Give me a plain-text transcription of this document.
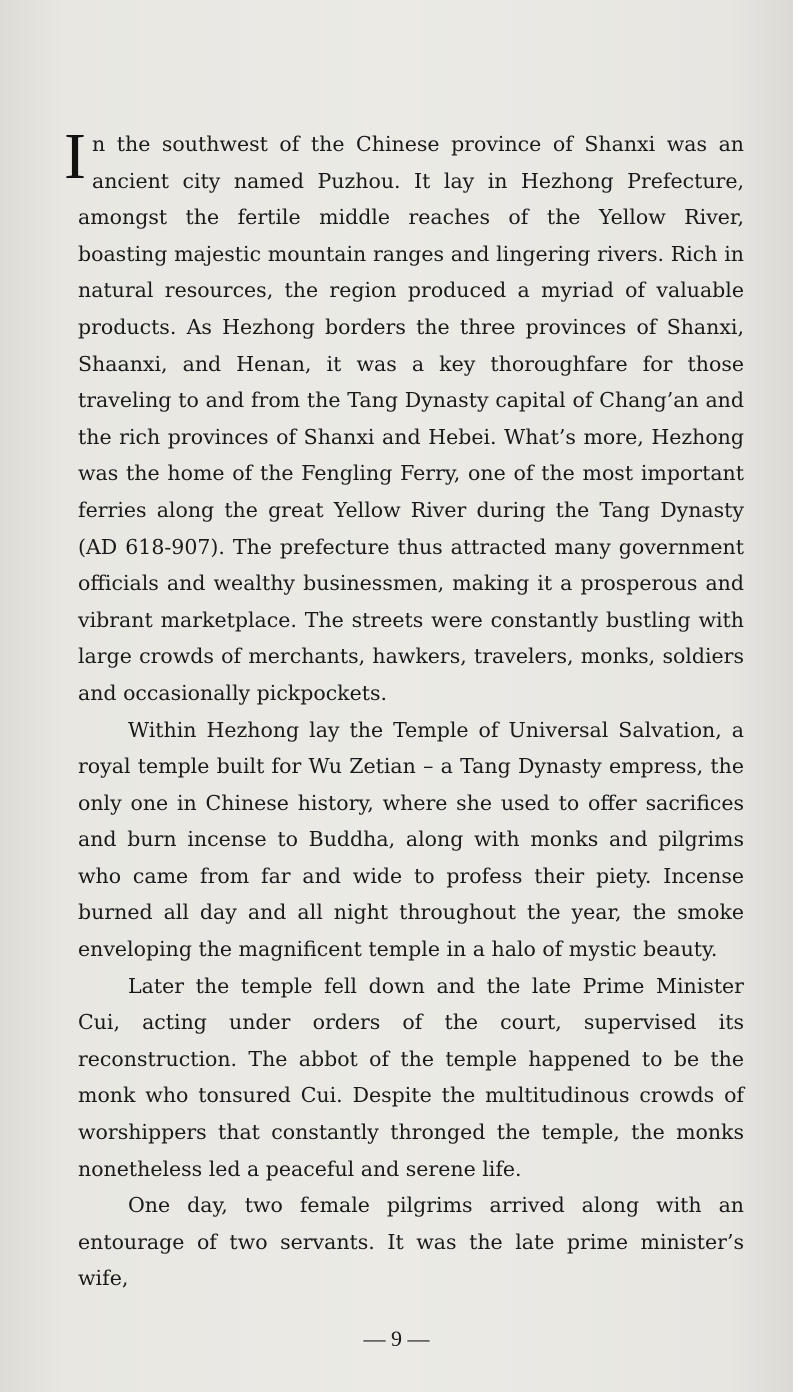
In the southwest of the Chinese province of Shanxi was an ancient city named Puzhou. It lay in Hezhong Prefecture, amongst the fertile middle reaches of the Yellow River, boasting majestic mountain ranges and lingering rivers. Rich in natural resources, the region produced a myriad of valuable products. As Hezhong borders the three provinces of Shanxi, Shaanxi, and Henan, it was a key thoroughfare for those traveling to and from the Tang Dynasty capital of Chang’an and the rich provinces of Shanxi and Hebei. What’s more, Hezhong was the home of the Fengling Ferry, one of the most important ferries along the great Yellow River during the Tang Dynasty (AD 618-907). The prefecture thus attracted many government officials and wealthy businessmen, making it a prosperous and vibrant marketplace. The streets were constantly bustling with large crowds of merchants, hawkers, travelers, monks, soldiers and occasionally pickpockets.

Within Hezhong lay the Temple of Universal Salvation, a royal temple built for Wu Zetian – a Tang Dynasty empress, the only one in Chinese history, where she used to offer sacrifices and burn incense to Buddha, along with monks and pilgrims who came from far and wide to profess their piety. Incense burned all day and all night throughout the year, the smoke enveloping the magnificent temple in a halo of mystic beauty.

Later the temple fell down and the late Prime Minister Cui, acting under orders of the court, supervised its reconstruction. The abbot of the temple happened to be the monk who tonsured Cui. Despite the multitudinous crowds of worshippers that constantly thronged the temple, the monks nonetheless led a peaceful and serene life.

One day, two female pilgrims arrived along with an entourage of two servants. It was the late prime minister’s wife,

— 9 —
